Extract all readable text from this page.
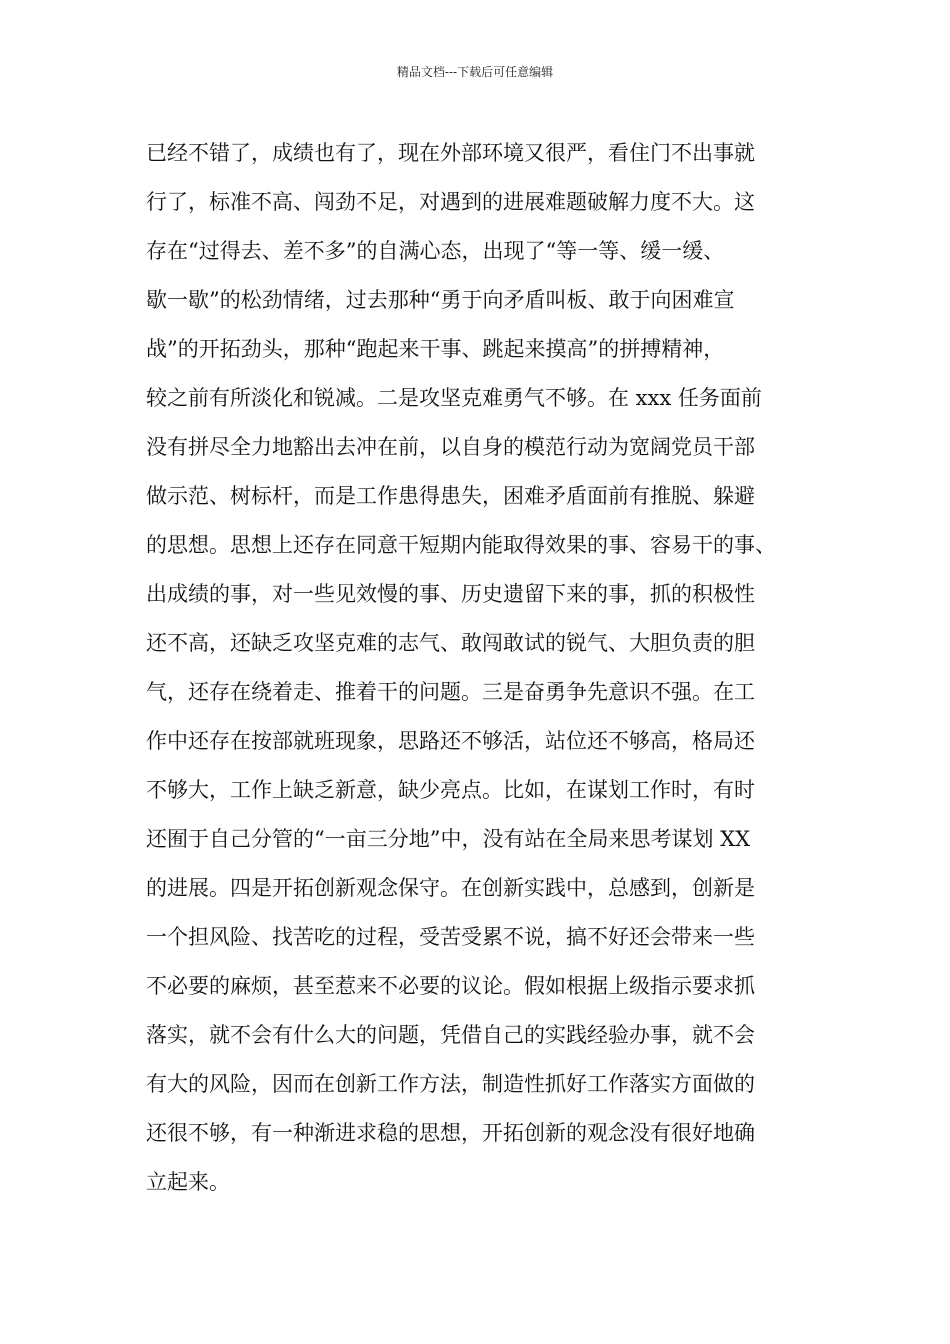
精品文档---下载后可任意编辑
已经不错了，成绩也有了，现在外部环境又很严，看住门不出事就
行了，标准不高、闯劲不足，对遇到的进展难题破解力度不大。这
存在“过得去、差不多”的自满心态，出现了“等一等、缓一缓、
歇一歇”的松劲情绪，过去那种“勇于向矛盾叫板、敢于向困难宣
战”的开拓劲头，那种“跑起来干事、跳起来摸高”的拼搏精神，
较之前有所淡化和锐减。二是攻坚克难勇气不够。在 xxx 任务面前
没有拼尽全力地豁出去冲在前，以自身的模范行动为宽阔党员干部
做示范、树标杆，而是工作患得患失，困难矛盾面前有推脱、躲避
的思想。思想上还存在同意干短期内能取得效果的事、容易干的事、
出成绩的事，对一些见效慢的事、历史遗留下来的事，抓的积极性
还不高，还缺乏攻坚克难的志气、敢闯敢试的锐气、大胆负责的胆
气，还存在绕着走、推着干的问题。三是奋勇争先意识不强。在工
作中还存在按部就班现象，思路还不够活，站位还不够高，格局还
不够大，工作上缺乏新意，缺少亮点。比如，在谋划工作时，有时
还囿于自己分管的“一亩三分地”中，没有站在全局来思考谋划 XX
的进展。四是开拓创新观念保守。在创新实践中，总感到，创新是
一个担风险、找苦吃的过程，受苦受累不说，搞不好还会带来一些
不必要的麻烦，甚至惹来不必要的议论。假如根据上级指示要求抓
落实，就不会有什么大的问题，凭借自己的实践经验办事，就不会
有大的风险，因而在创新工作方法，制造性抓好工作落实方面做的
还很不够，有一种渐进求稳的思想，开拓创新的观念没有很好地确
立起来。
